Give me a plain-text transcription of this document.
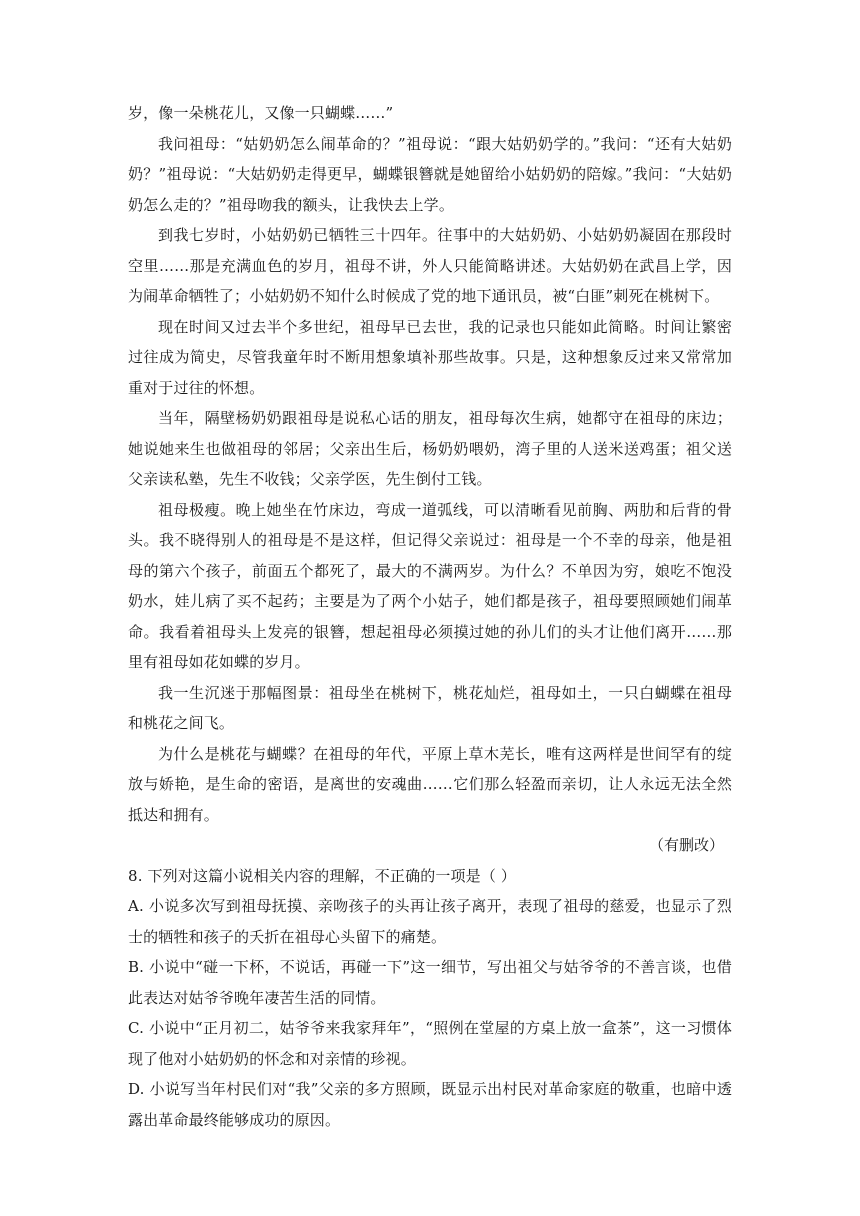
岁，像一朵桃花儿，又像一只蝴蝶……”

我问祖母：“姑奶奶怎么闹革命的？”祖母说：“跟大姑奶奶学的。”我问：“还有大姑奶奶？”祖母说：“大姑奶奶走得更早，蝴蝶银簪就是她留给小姑奶奶的陪嫁。”我问：“大姑奶奶怎么走的？”祖母吻我的额头，让我快去上学。

到我七岁时，小姑奶奶已牺牲三十四年。往事中的大姑奶奶、小姑奶奶凝固在那段时空里……那是充满血色的岁月，祖母不讲，外人只能简略讲述。大姑奶奶在武昌上学，因为闹革命牺牲了；小姑奶奶不知什么时候成了党的地下通讯员，被“白匪”刺死在桃树下。

现在时间又过去半个多世纪，祖母早已去世，我的记录也只能如此简略。时间让繁密过往成为简史，尽管我童年时不断用想象填补那些故事。只是，这种想象反过来又常常加重对于过往的怀想。

当年，隔壁杨奶奶跟祖母是说私心话的朋友，祖母每次生病，她都守在祖母的床边；她说她来生也做祖母的邻居；父亲出生后，杨奶奶喂奶，湾子里的人送米送鸡蛋；祖父送父亲读私塾，先生不收钱；父亲学医，先生倒付工钱。

祖母极瘦。晚上她坐在竹床边，弯成一道弧线，可以清晰看见前胸、两肋和后背的骨头。我不晓得别人的祖母是不是这样，但记得父亲说过：祖母是一个不幸的母亲，他是祖母的第六个孩子，前面五个都死了，最大的不满两岁。为什么？不单因为穷，娘吃不饱没奶水，娃儿病了买不起药；主要是为了两个小姑子，她们都是孩子，祖母要照顾她们闹革命。我看着祖母头上发亮的银簪，想起祖母必须摸过她的孙儿们的头才让他们离开……那里有祖母如花如蝶的岁月。

我一生沉迷于那幅图景：祖母坐在桃树下，桃花灿烂，祖母如土，一只白蝴蝶在祖母和桃花之间飞。

为什么是桃花与蝴蝶？在祖母的年代，平原上草木芜长，唯有这两样是世间罕有的绽放与娇艳，是生命的密语，是离世的安魂曲……它们那么轻盈而亲切，让人永远无法全然抵达和拥有。

（有删改）

8. 下列对这篇小说相关内容的理解，不正确的一项是（ ）

A. 小说多次写到祖母抚摸、亲吻孩子的头再让孩子离开，表现了祖母的慈爱，也显示了烈士的牺牲和孩子的夭折在祖母心头留下的痛楚。

B. 小说中“碰一下杯，不说话，再碰一下”这一细节，写出祖父与姑爷爷的不善言谈，也借此表达对姑爷爷晚年凄苦生活的同情。

C. 小说中“正月初二，姑爷爷来我家拜年”，“照例在堂屋的方桌上放一盒茶”，这一习惯体现了他对小姑奶奶的怀念和对亲情的珍视。

D. 小说写当年村民们对“我”父亲的多方照顾，既显示出村民对革命家庭的敬重，也暗中透露出革命最终能够成功的原因。
